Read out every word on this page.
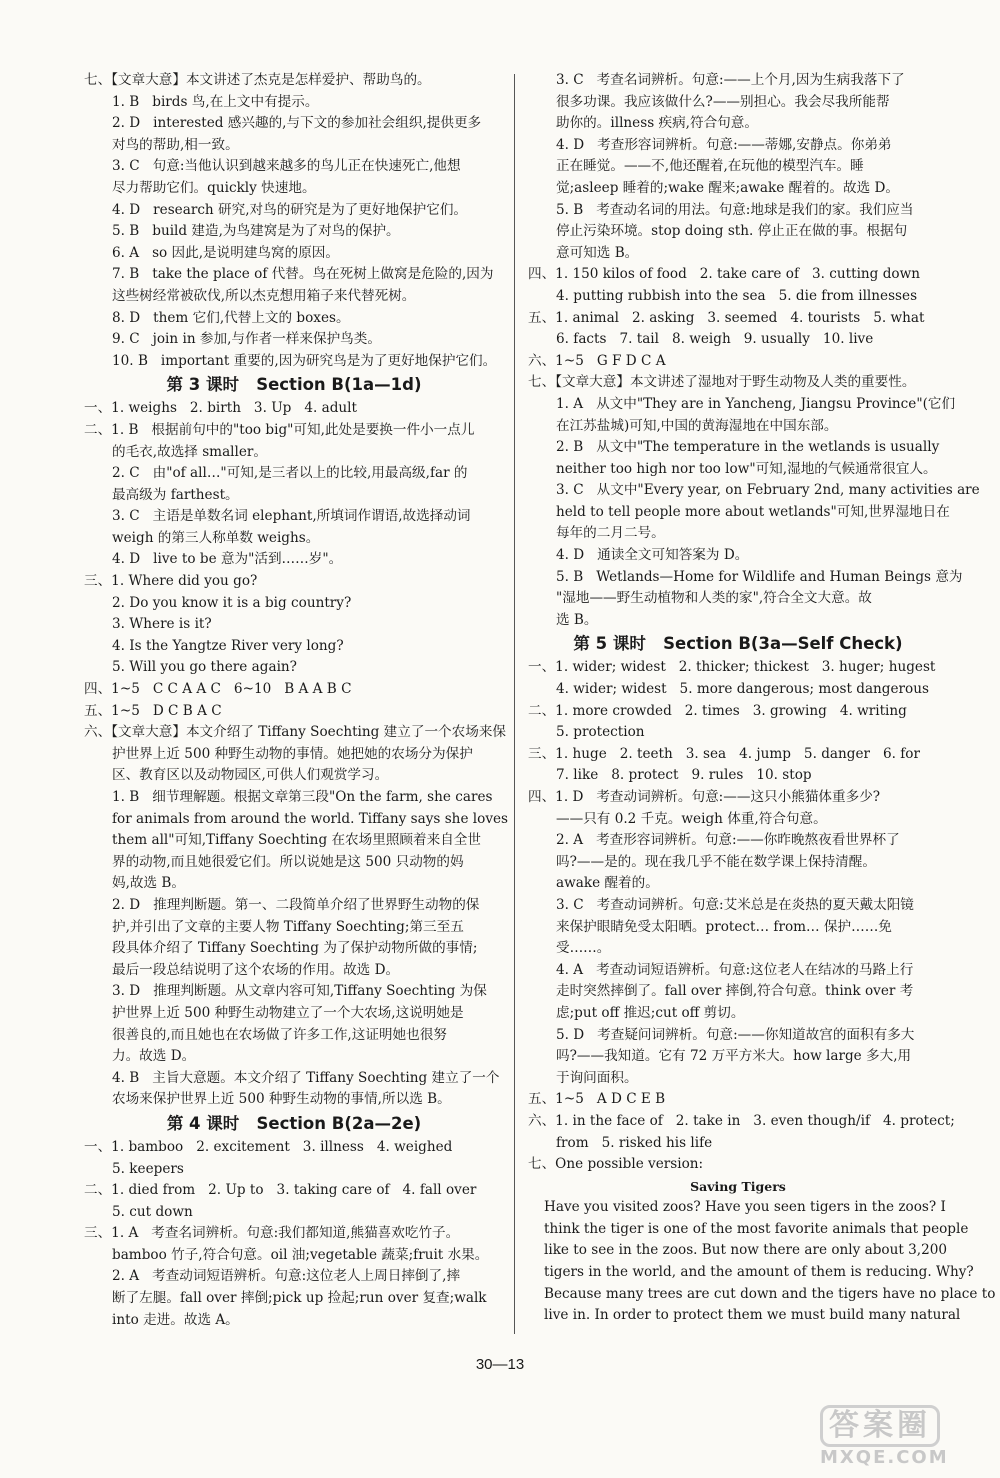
七、【文章大意】本文讲述了杰克是怎样爱护、帮助鸟的。
1. B   birds 鸟,在上文中有提示。
2. D   interested 感兴趣的,与下文的参加社会组织,提供更多
对鸟的帮助,相一致。
3. C   句意:当他认识到越来越多的鸟儿正在快速死亡,他想
尽力帮助它们。quickly 快速地。
4. D   research 研究,对鸟的研究是为了更好地保护它们。
5. B   build 建造,为鸟建窝是为了对鸟的保护。
6. A   so 因此,是说明建鸟窝的原因。
7. B   take the place of 代替。鸟在死树上做窝是危险的,因为
这些树经常被砍伐,所以杰克想用箱子来代替死树。
8. D   them 它们,代替上文的 boxes。
9. C   join in 参加,与作者一样来保护鸟类。
10. B   important 重要的,因为研究鸟是为了更好地保护它们。
第 3 课时   Section B(1a—1d)
一、1. weighs   2. birth   3. Up   4. adult
二、1. B   根据前句中的"too big"可知,此处是要换一件小一点儿
的毛衣,故选择 smaller。
2. C   由"of all…"可知,是三者以上的比较,用最高级,far 的
最高级为 farthest。
3. C   主语是单数名词 elephant,所填词作谓语,故选择动词
weigh 的第三人称单数 weighs。
4. D   live to be 意为"活到……岁"。
三、1. Where did you go?
2. Do you know it is a big country?
3. Where is it?
4. Is the Yangtze River very long?
5. Will you go there again?
四、1~5   C C A A C   6~10   B A A B C
五、1~5   D C B A C
六、【文章大意】本文介绍了 Tiffany Soechting 建立了一个农场来保
护世界上近 500 种野生动物的事情。她把她的农场分为保护
区、教育区以及动物园区,可供人们观赏学习。
1. B   细节理解题。根据文章第三段"On the farm, she cares
for animals from around the world. Tiffany says she loves
them all"可知,Tiffany Soechting 在农场里照顾着来自全世
界的动物,而且她很爱它们。所以说她是这 500 只动物的妈
妈,故选 B。
2. D   推理判断题。第一、二段简单介绍了世界野生动物的保
护,并引出了文章的主要人物 Tiffany Soechting;第三至五
段具体介绍了 Tiffany Soechting 为了保护动物所做的事情;
最后一段总结说明了这个农场的作用。故选 D。
3. D   推理判断题。从文章内容可知,Tiffany Soechting 为保
护世界上近 500 种野生动物建立了一个大农场,这说明她是
很善良的,而且她也在农场做了许多工作,这证明她也很努
力。故选 D。
4. B   主旨大意题。本文介绍了 Tiffany Soechting 建立了一个
农场来保护世界上近 500 种野生动物的事情,所以选 B。
第 4 课时   Section B(2a—2e)
一、1. bamboo   2. excitement   3. illness   4. weighed
5. keepers
二、1. died from   2. Up to   3. taking care of   4. fall over
5. cut down
三、1. A   考查名词辨析。句意:我们都知道,熊猫喜欢吃竹子。
bamboo 竹子,符合句意。oil 油;vegetable 蔬菜;fruit 水果。
2. A   考查动词短语辨析。句意:这位老人上周日摔倒了,摔
断了左腿。fall over 摔倒;pick up 捡起;run over 复查;walk
into 走进。故选 A。
3. C   考查名词辨析。句意:——上个月,因为生病我落下了
很多功课。我应该做什么?——别担心。我会尽我所能帮
助你的。illness 疾病,符合句意。
4. D   考查形容词辨析。句意:——蒂娜,安静点。你弟弟
正在睡觉。——不,他还醒着,在玩他的模型汽车。睡
觉;asleep 睡着的;wake 醒来;awake 醒着的。故选 D。
5. B   考查动名词的用法。句意:地球是我们的家。我们应当
停止污染环境。stop doing sth. 停止正在做的事。根据句
意可知选 B。
四、1. 150 kilos of food   2. take care of   3. cutting down
4. putting rubbish into the sea   5. die from illnesses
五、1. animal   2. asking   3. seemed   4. tourists   5. what
6. facts   7. tail   8. weigh   9. usually   10. live
六、1~5   G F D C A
七、【文章大意】本文讲述了湿地对于野生动物及人类的重要性。
1. A   从文中"They are in Yancheng, Jiangsu Province"(它们
在江苏盐城)可知,中国的黄海湿地在中国东部。
2. B   从文中"The temperature in the wetlands is usually
neither too high nor too low"可知,湿地的气候通常很宜人。
3. C   从文中"Every year, on February 2nd, many activities are
held to tell people more about wetlands"可知,世界湿地日在
每年的二月二号。
4. D   通读全文可知答案为 D。
5. B   Wetlands—Home for Wildlife and Human Beings 意为
"湿地——野生动植物和人类的家",符合全文大意。故
选 B。
第 5 课时   Section B(3a—Self Check)
一、1. wider; widest   2. thicker; thickest   3. huger; hugest
4. wider; widest   5. more dangerous; most dangerous
二、1. more crowded   2. times   3. growing   4. writing
5. protection
三、1. huge   2. teeth   3. sea   4. jump   5. danger   6. for
7. like   8. protect   9. rules   10. stop
四、1. D   考查动词辨析。句意:——这只小熊猫体重多少?
——只有 0.2 千克。weigh 体重,符合句意。
2. A   考查形容词辨析。句意:——你昨晚熬夜看世界杯了
吗?——是的。现在我几乎不能在数学课上保持清醒。
awake 醒着的。
3. C   考查动词辨析。句意:艾米总是在炎热的夏天戴太阳镜
来保护眼睛免受太阳晒。protect… from… 保护……免
受……。
4. A   考查动词短语辨析。句意:这位老人在结冰的马路上行
走时突然摔倒了。fall over 摔倒,符合句意。think over 考
虑;put off 推迟;cut off 剪切。
5. D   考查疑问词辨析。句意:——你知道故宫的面积有多大
吗?——我知道。它有 72 万平方米大。how large 多大,用
于询问面积。
五、1~5   A D C E B
六、1. in the face of   2. take in   3. even though/if   4. protect;
from   5. risked his life
七、One possible version:
Saving Tigers
Have you visited zoos? Have you seen tigers in the zoos? I
think the tiger is one of the most favorite animals that people
like to see in the zoos. But now there are only about 3,200
tigers in the world, and the amount of them is reducing. Why?
Because many trees are cut down and the tigers have no place to
live in. In order to protect them we must build many natural
30—13
答案圈
MXQE.COM
